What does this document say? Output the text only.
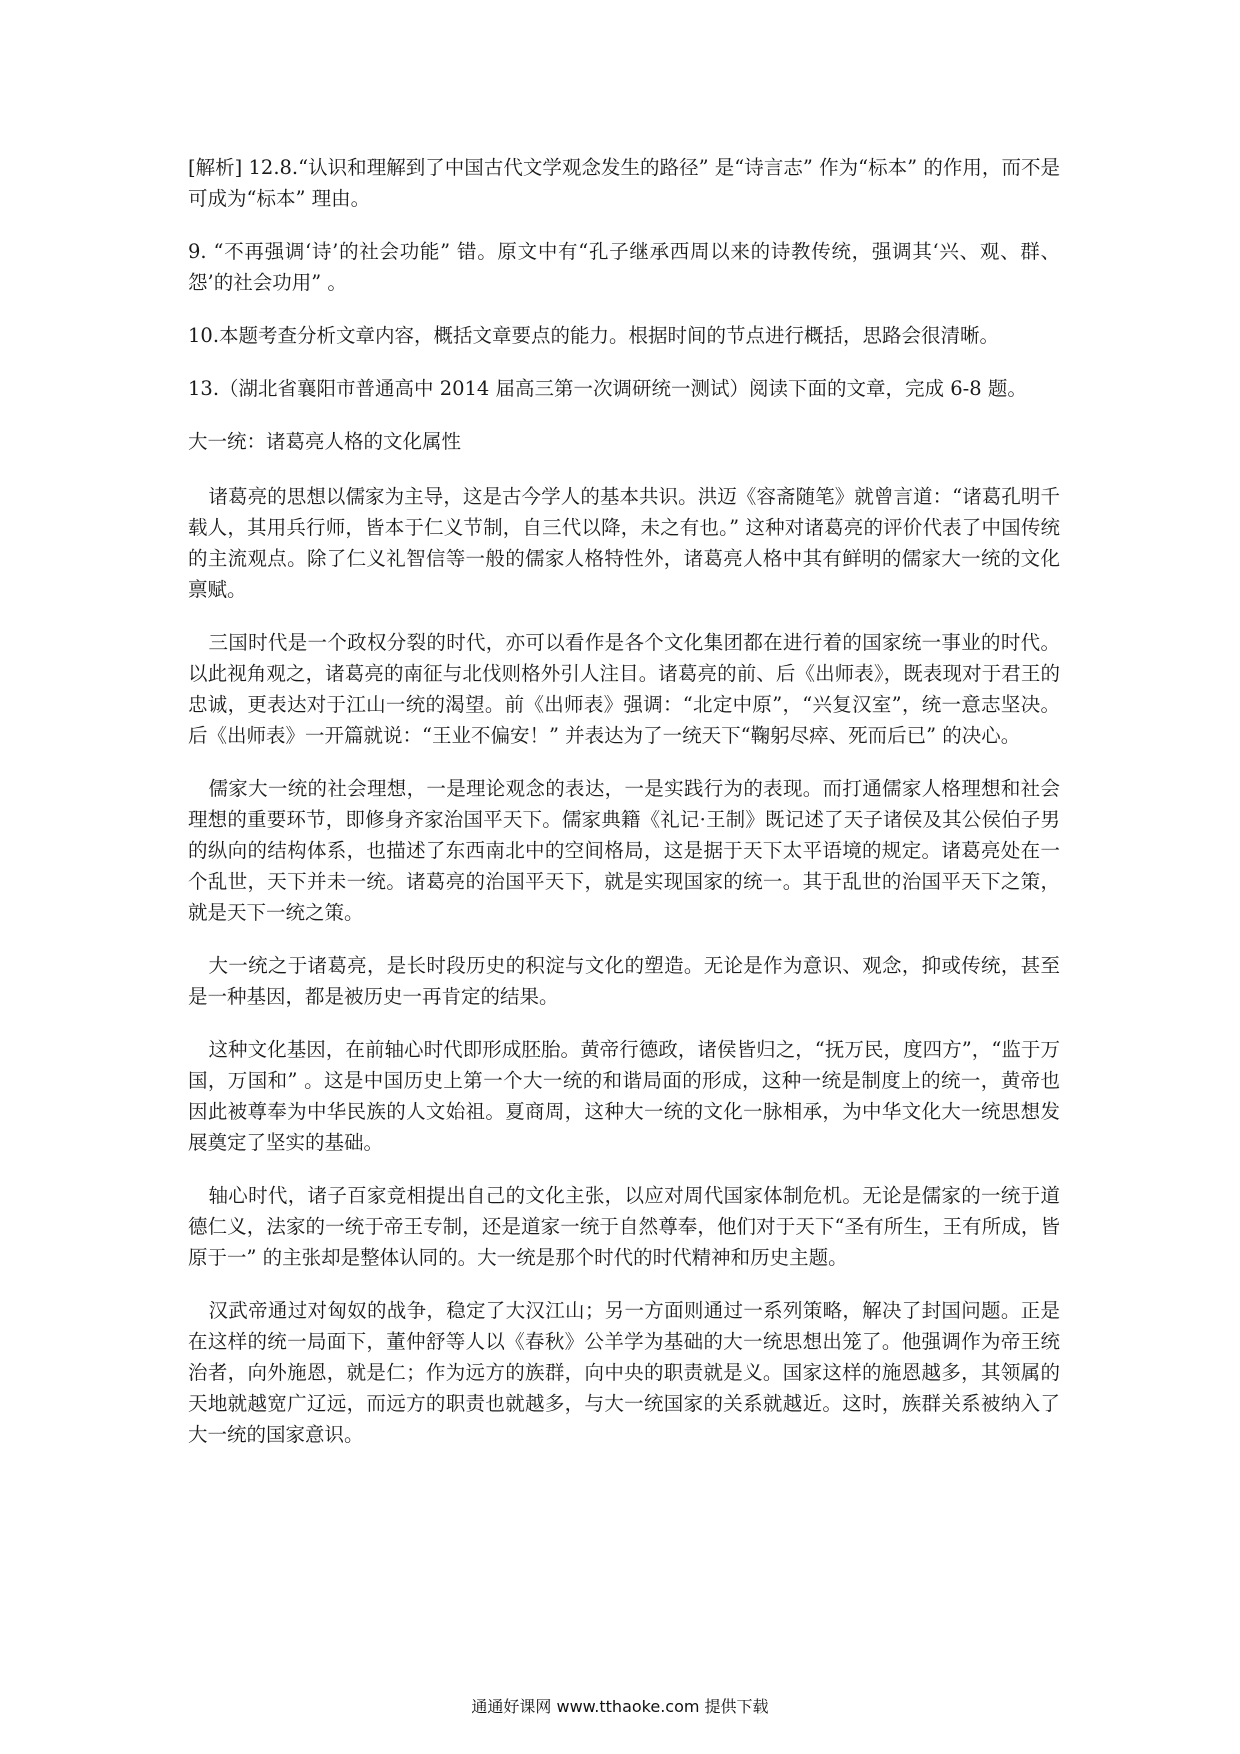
[解析] 12.8.“认识和理解到了中国古代文学观念发生的路径” 是“诗言志” 作为“标本” 的作用，而不是可成为“标本” 理由。

9. “不再强调‘诗’的社会功能” 错。原文中有“孔子继承西周以来的诗教传统，强调其‘兴、观、群、怨’的社会功用” 。

10.本题考查分析文章内容，概括文章要点的能力。根据时间的节点进行概括，思路会很清晰。

13.（湖北省襄阳市普通高中 2014 届高三第一次调研统一测试）阅读下面的文章，完成 6-8 题。

大一统：诸葛亮人格的文化属性

诸葛亮的思想以儒家为主导，这是古今学人的基本共识。洪迈《容斋随笔》就曾言道：“诸葛孔明千载人，其用兵行师，皆本于仁义节制，自三代以降，未之有也。” 这种对诸葛亮的评价代表了中国传统的主流观点。除了仁义礼智信等一般的儒家人格特性外，诸葛亮人格中其有鲜明的儒家大一统的文化禀赋。

三国时代是一个政权分裂的时代，亦可以看作是各个文化集团都在进行着的国家统一事业的时代。以此视角观之，诸葛亮的南征与北伐则格外引人注目。诸葛亮的前、后《出师表》，既表现对于君王的忠诚，更表达对于江山一统的渴望。前《出师表》强调：“北定中原”，“兴复汉室”，统一意志坚决。后《出师表》一开篇就说：“王业不偏安！” 并表达为了一统天下“鞠躬尽瘁、死而后已” 的决心。

儒家大一统的社会理想，一是理论观念的表达，一是实践行为的表现。而打通儒家人格理想和社会理想的重要环节，即修身齐家治国平天下。儒家典籍《礼记·王制》既记述了天子诸侯及其公侯伯子男的纵向的结构体系，也描述了东西南北中的空间格局，这是据于天下太平语境的规定。诸葛亮处在一个乱世，天下并未一统。诸葛亮的治国平天下，就是实现国家的统一。其于乱世的治国平天下之策，就是天下一统之策。

大一统之于诸葛亮，是长时段历史的积淀与文化的塑造。无论是作为意识、观念，抑或传统，甚至是一种基因，都是被历史一再肯定的结果。

这种文化基因，在前轴心时代即形成胚胎。黄帝行德政，诸侯皆归之，“抚万民，度四方”，“监于万国，万国和” 。这是中国历史上第一个大一统的和谐局面的形成，这种一统是制度上的统一，黄帝也因此被尊奉为中华民族的人文始祖。夏商周，这种大一统的文化一脉相承，为中华文化大一统思想发展奠定了坚实的基础。

轴心时代，诸子百家竞相提出自己的文化主张，以应对周代国家体制危机。无论是儒家的一统于道德仁义，法家的一统于帝王专制，还是道家一统于自然尊奉，他们对于天下“圣有所生，王有所成，皆原于一” 的主张却是整体认同的。大一统是那个时代的时代精神和历史主题。

汉武帝通过对匈奴的战争，稳定了大汉江山；另一方面则通过一系列策略，解决了封国问题。正是在这样的统一局面下，董仲舒等人以《春秋》公羊学为基础的大一统思想出笼了。他强调作为帝王统治者，向外施恩，就是仁；作为远方的族群，向中央的职责就是义。国家这样的施恩越多，其领属的天地就越宽广辽远，而远方的职责也就越多，与大一统国家的关系就越近。这时，族群关系被纳入了大一统的国家意识。

通通好课网 www.tthaoke.com 提供下载
